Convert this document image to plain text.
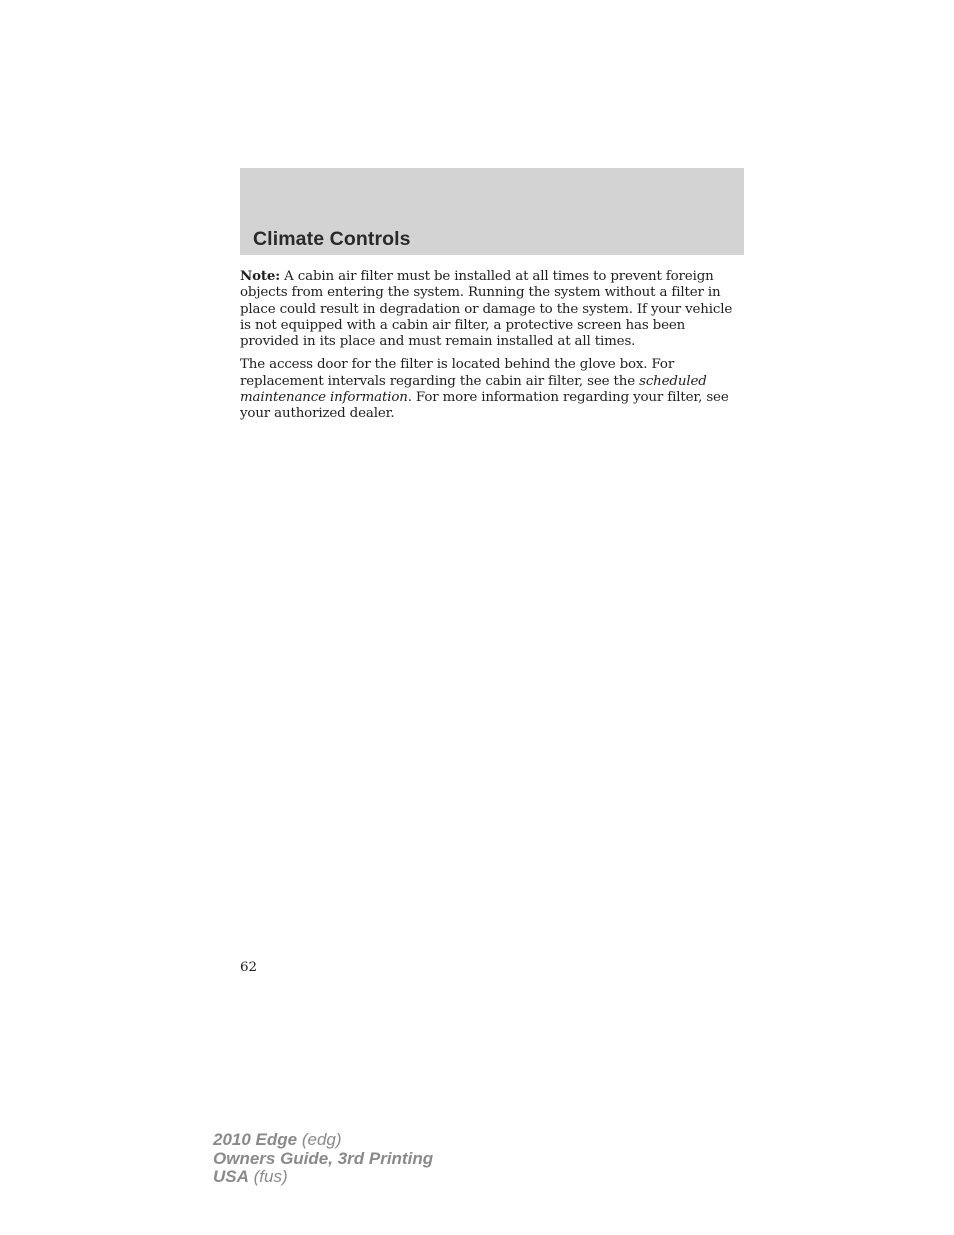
Climate Controls

Note: A cabin air filter must be installed at all times to prevent foreign objects from entering the system. Running the system without a filter in place could result in degradation or damage to the system. If your vehicle is not equipped with a cabin air filter, a protective screen has been provided in its place and must remain installed at all times.

The access door for the filter is located behind the glove box. For replacement intervals regarding the cabin air filter, see the scheduled maintenance information. For more information regarding your filter, see your authorized dealer.

62
2010 Edge (edg)
Owners Guide, 3rd Printing
USA (fus)
